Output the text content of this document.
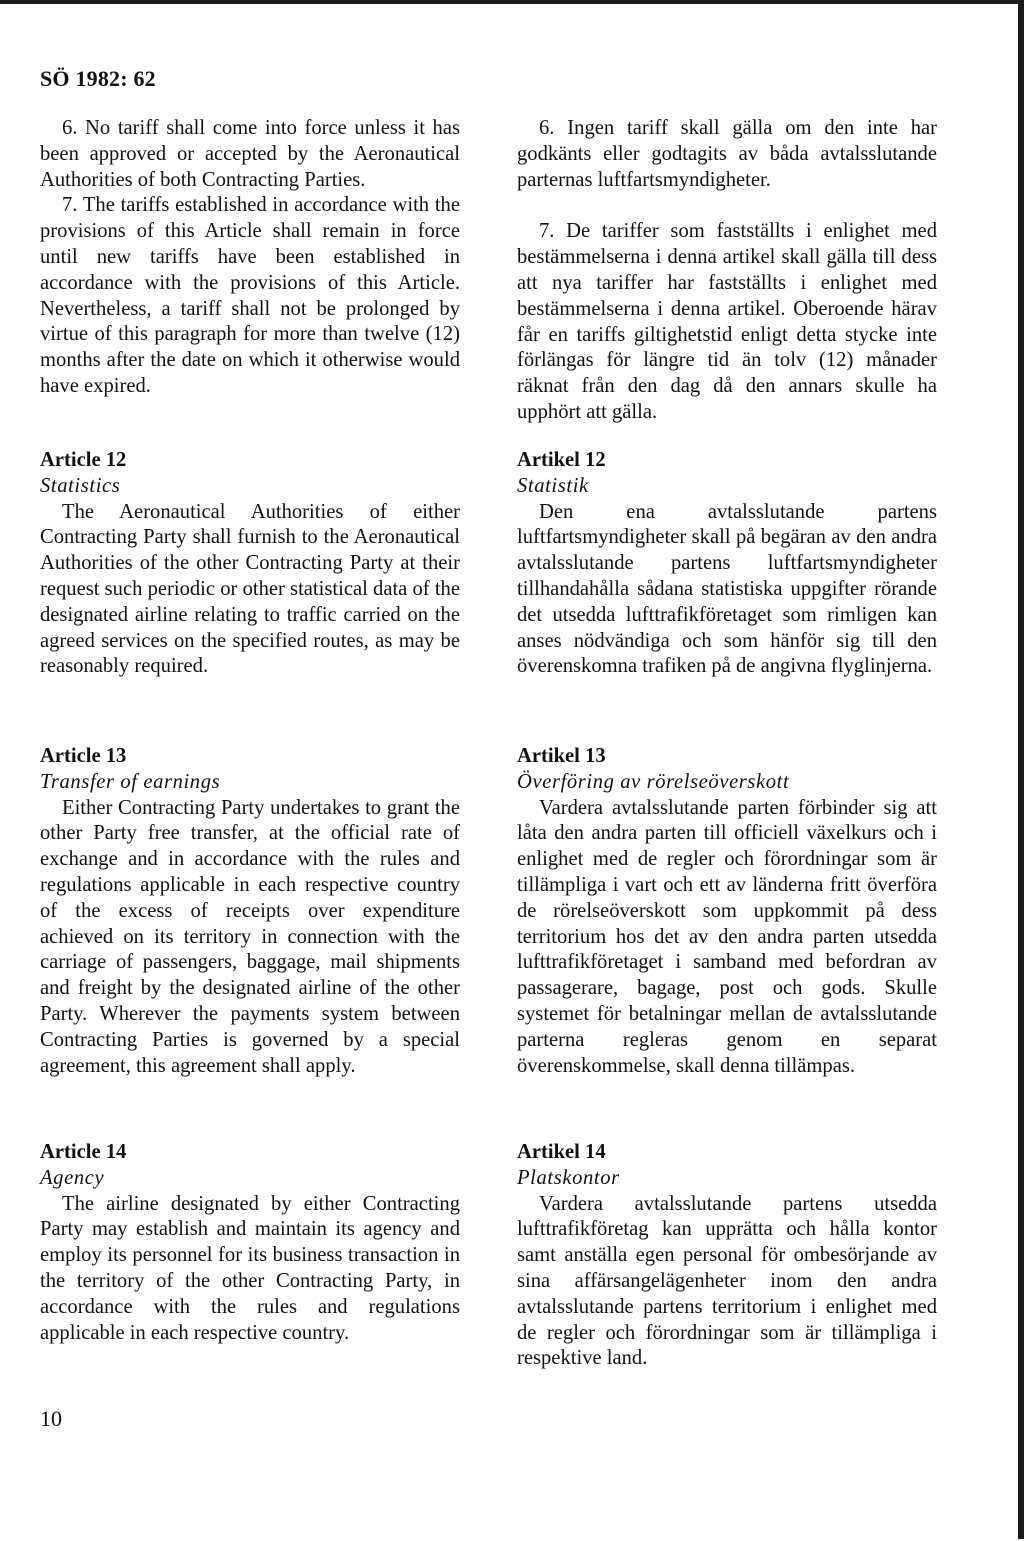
SÖ 1982: 62

6. No tariff shall come into force unless it has been approved or accepted by the Aeronautical Authorities of both Contracting Parties.

7. The tariffs established in accordance with the provisions of this Article shall remain in force until new tariffs have been established in accordance with the provisions of this Article. Nevertheless, a tariff shall not be prolonged by virtue of this paragraph for more than twelve (12) months after the date on which it otherwise would have expired.

Article 12

Statistics

The Aeronautical Authorities of either Contracting Party shall furnish to the Aeronautical Authorities of the other Contracting Party at their request such periodic or other statistical data of the designated airline relating to traffic carried on the agreed services on the specified routes, as may be reasonably required.

Article 13

Transfer of earnings

Either Contracting Party undertakes to grant the other Party free transfer, at the official rate of exchange and in accordance with the rules and regulations applicable in each respective country of the excess of receipts over expenditure achieved on its territory in connection with the carriage of passengers, baggage, mail shipments and freight by the designated airline of the other Party. Wherever the payments system between Contracting Parties is governed by a special agreement, this agreement shall apply.

Article 14

Agency

The airline designated by either Contracting Party may establish and maintain its agency and employ its personnel for its business transaction in the territory of the other Contracting Party, in accordance with the rules and regulations applicable in each respective country.

6. Ingen tariff skall gälla om den inte har godkänts eller godtagits av båda avtalsslutande parternas luftfartsmyndigheter.

7. De tariffer som fastställts i enlighet med bestämmelserna i denna artikel skall gälla till dess att nya tariffer har fastställts i enlighet med bestämmelserna i denna artikel. Oberoende härav får en tariffs giltighetstid enligt detta stycke inte förlängas för längre tid än tolv (12) månader räknat från den dag då den annars skulle ha upphört att gälla.

Artikel 12

Statistik

Den ena avtalsslutande partens luftfartsmyndigheter skall på begäran av den andra avtalsslutande partens luftfartsmyndigheter tillhandahålla sådana statistiska uppgifter rörande det utsedda lufttrafikföretaget som rimligen kan anses nödvändiga och som hänför sig till den överenskomna trafiken på de angivna flyglinjerna.

Artikel 13

Överföring av rörelseöverskott

Vardera avtalsslutande parten förbinder sig att låta den andra parten till officiell växelkurs och i enlighet med de regler och förordningar som är tillämpliga i vart och ett av länderna fritt överföra de rörelseöverskott som uppkommit på dess territorium hos det av den andra parten utsedda lufttrafikföretaget i samband med befordran av passagerare, bagage, post och gods. Skulle systemet för betalningar mellan de avtalsslutande parterna regleras genom en separat överenskommelse, skall denna tillämpas.

Artikel 14

Platskontor

Vardera avtalsslutande partens utsedda lufttrafikföretag kan upprätta och hålla kontor samt anställa egen personal för ombesörjande av sina affärsangelägenheter inom den andra avtalsslutande partens territorium i enlighet med de regler och förordningar som är tillämpliga i respektive land.

10
